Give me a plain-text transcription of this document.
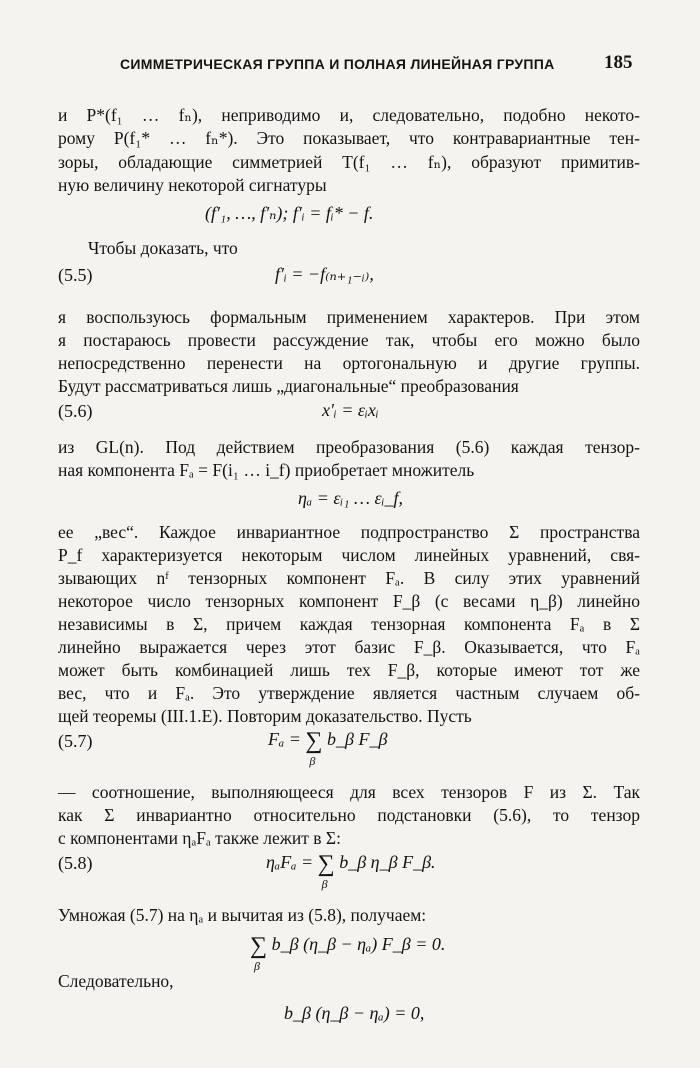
СИММЕТРИЧЕСКАЯ ГРУППА И ПОЛНАЯ ЛИНЕЙНАЯ ГРУППА	185
и P*(f₁ … fₙ), неприводимо и, следовательно, подобно некото-
рому P(f₁* … fₙ*). Это показывает, что контравариантные тен-
зоры, обладающие симметрией T(f₁ … fₙ), образуют примитив-
ную величину некоторой сигнатуры
(f′₁, …, f′ₙ); f′ᵢ = fᵢ* − f.
Чтобы доказать, что
(5.5)	f′ᵢ = −f₍ₙ₊₁₋ᵢ₎,
я воспользуюсь формальным применением характеров. При этом
я постараюсь провести рассуждение так, чтобы его можно было
непосредственно перенести на ортогональную и другие группы.
Будут рассматриваться лишь „диагональные“ преобразования
(5.6)	x′ᵢ = εᵢxᵢ
из GL(n). Под действием преобразования (5.6) каждая тензор-
ная компонента Fₐ = F(i₁ … i_f) приобретает множитель
ηₐ = εᵢ₁ … εᵢ_f,
ее „вес“. Каждое инвариантное подпространство Σ пространства
P_f характеризуется некоторым числом линейных уравнений, свя-
зывающих nᶠ тензорных компонент Fₐ. В силу этих уравнений
некоторое число тензорных компонент F_β (с весами η_β) линейно
независимы в Σ, причем каждая тензорная компонента Fₐ в Σ
линейно выражается через этот базис F_β. Оказывается, что Fₐ
может быть комбинацией лишь тех F_β, которые имеют тот же
вес, что и Fₐ. Это утверждение является частным случаем об-
щей теоремы (III.1.E). Повторим доказательство. Пусть
(5.7)	Fₐ = ∑
β
b_β F_β
— соотношение, выполняющееся для всех тензоров F из Σ. Так
как Σ инвариантно относительно подстановки (5.6), то тензор
с компонентами ηₐFₐ также лежит в Σ:
(5.8)	ηₐFₐ = ∑
β
b_β η_β F_β.
Умножая (5.7) на ηₐ и вычитая из (5.8), получаем:
∑
β
b_β (η_β − ηₐ) F_β = 0.
Следовательно,
b_β (η_β − ηₐ) = 0,
